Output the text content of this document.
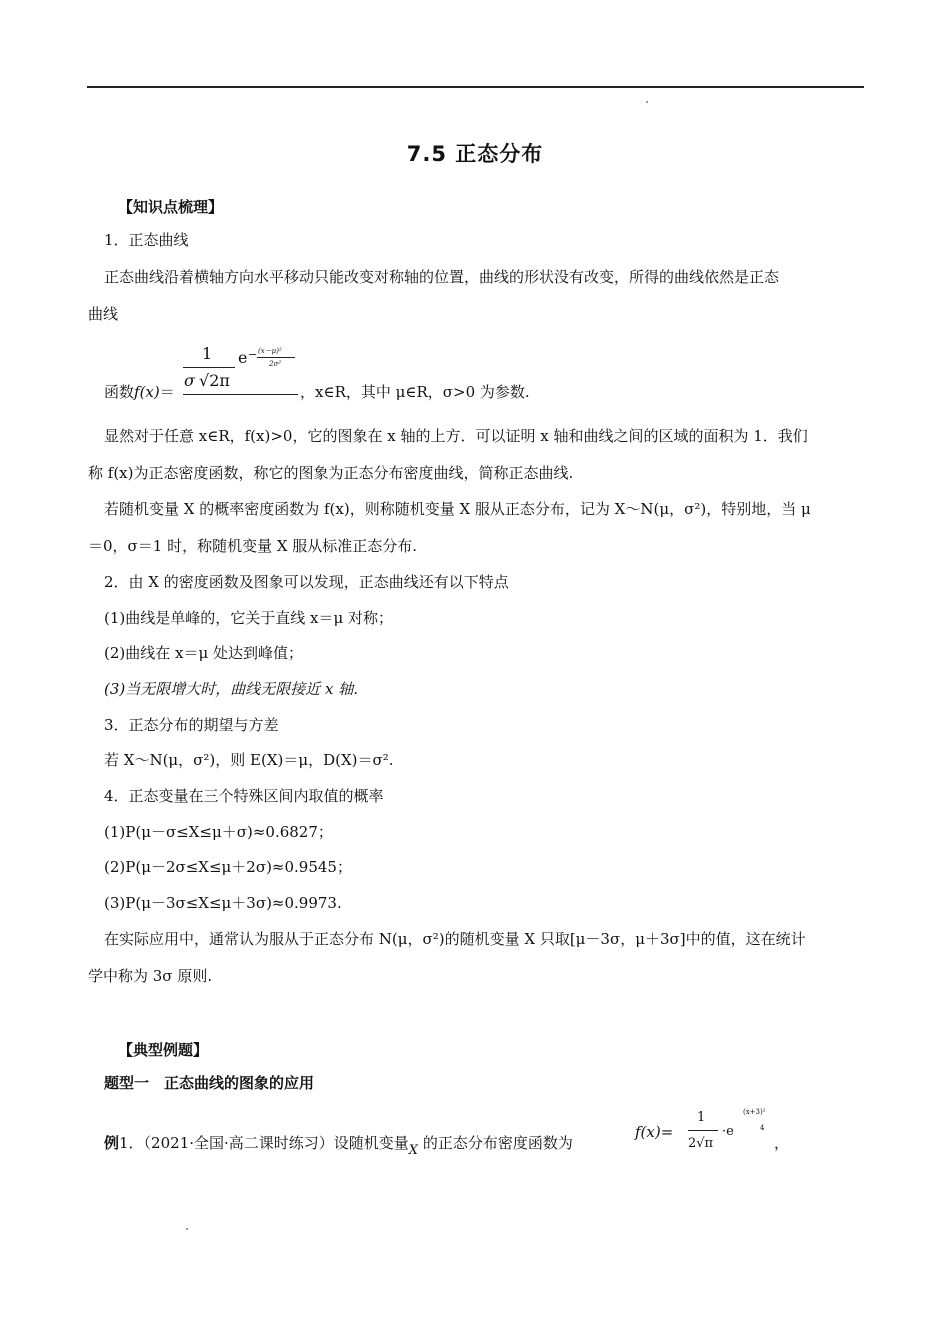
7.5 正态分布
【知识点梳理】
1．正态曲线
正态曲线沿着横轴方向水平移动只能改变对称轴的位置，曲线的形状没有改变，所得的曲线依然是正态
曲线
函数f(x)＝
1
σ √2π
e − (x－μ)²
2σ²
，x∈R，其中 μ∈R，σ>0 为参数.
显然对于任意 x∈R，f(x)>0，它的图象在 x 轴的上方．可以证明 x 轴和曲线之间的区域的面积为 1．我们
称 f(x)为正态密度函数，称它的图象为正态分布密度曲线，简称正态曲线.
若随机变量 X 的概率密度函数为 f(x)，则称随机变量 X 服从正态分布，记为 X～N(μ，σ²)，特别地，当 μ
＝0，σ＝1 时，称随机变量 X 服从标准正态分布.
2．由 X 的密度函数及图象可以发现，正态曲线还有以下特点
(1)曲线是单峰的，它关于直线 x＝μ 对称；
(2)曲线在 x＝μ 处达到峰值；
(3)当无限增大时，曲线无限接近 x 轴.
3．正态分布的期望与方差
若 X～N(μ，σ²)，则 E(X)＝μ，D(X)＝σ².
4．正态变量在三个特殊区间内取值的概率
(1)P(μ－σ≤X≤μ＋σ)≈0.6827；
(2)P(μ－2σ≤X≤μ＋2σ)≈0.9545；
(3)P(μ－3σ≤X≤μ＋3σ)≈0.9973.
在实际应用中，通常认为服从于正态分布 N(μ，σ²)的随机变量 X 只取[μ－3σ，μ＋3σ]中的值，这在统计
学中称为 3σ 原则.
【典型例题】
题型一　正态曲线的图象的应用
例1．（2021·全国·高二课时练习）设随机变量X 的正态分布密度函数为
f(x)=
1
2√π
·e
(x+3)²
4
，
